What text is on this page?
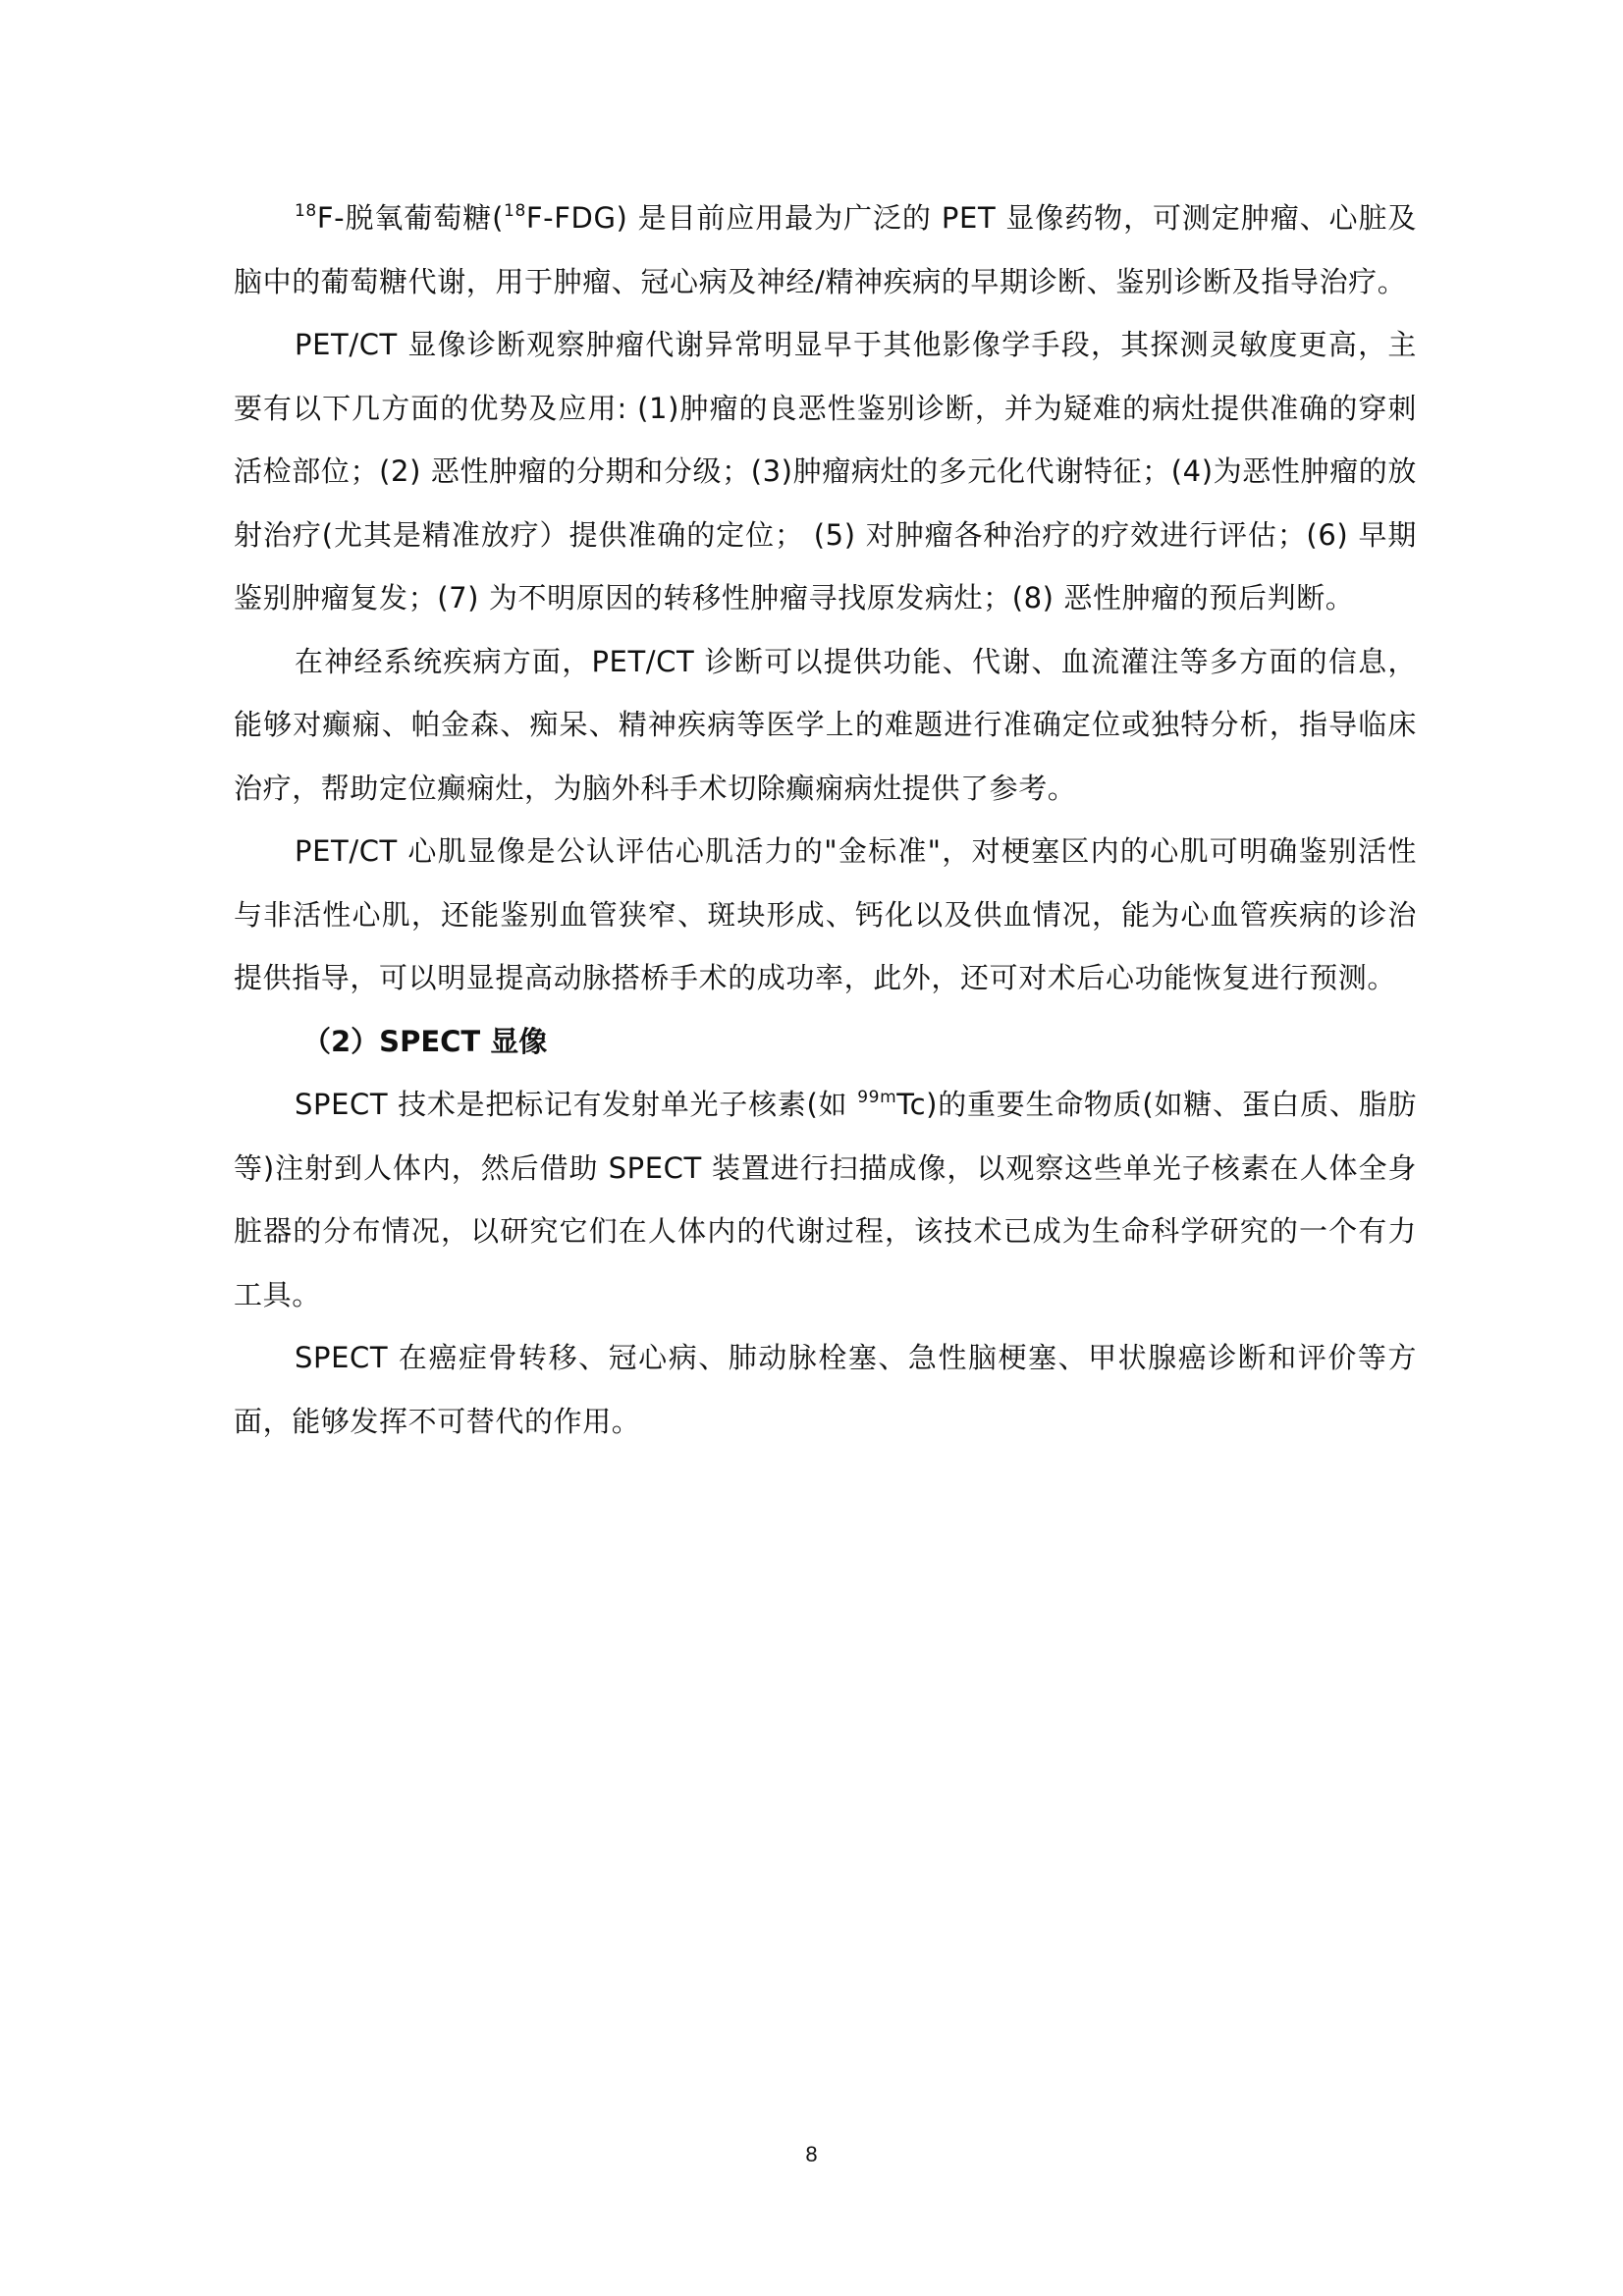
$^{18}$F-脱氧葡萄糖($^{18}$F-FDG) 是目前应用最为广泛的 PET 显像药物，可测定肿瘤、心脏及脑中的葡萄糖代谢，用于肿瘤、冠心病及神经/精神疾病的早期诊断、鉴别诊断及指导治疗。

PET/CT 显像诊断观察肿瘤代谢异常明显早于其他影像学手段，其探测灵敏度更高，主要有以下几方面的优势及应用: (1)肿瘤的良恶性鉴别诊断，并为疑难的病灶提供准确的穿刺活检部位；(2) 恶性肿瘤的分期和分级；(3)肿瘤病灶的多元化代谢特征；(4)为恶性肿瘤的放射治疗(尤其是精准放疗）提供准确的定位； (5) 对肿瘤各种治疗的疗效进行评估；(6) 早期鉴别肿瘤复发；(7) 为不明原因的转移性肿瘤寻找原发病灶；(8) 恶性肿瘤的预后判断。

在神经系统疾病方面，PET/CT 诊断可以提供功能、代谢、血流灌注等多方面的信息，能够对癫痫、帕金森、痴呆、精神疾病等医学上的难题进行准确定位或独特分析，指导临床治疗，帮助定位癫痫灶，为脑外科手术切除癫痫病灶提供了参考。

PET/CT 心肌显像是公认评估心肌活力的"金标准"，对梗塞区内的心肌可明确鉴别活性与非活性心肌，还能鉴别血管狭窄、斑块形成、钙化以及供血情况，能为心血管疾病的诊治提供指导，可以明显提高动脉搭桥手术的成功率，此外，还可对术后心功能恢复进行预测。

（2）SPECT 显像

SPECT 技术是把标记有发射单光子核素(如 $^{99m}$Tc)的重要生命物质(如糖、蛋白质、脂肪等)注射到人体内，然后借助 SPECT 装置进行扫描成像，以观察这些单光子核素在人体全身脏器的分布情况，以研究它们在人体内的代谢过程，该技术已成为生命科学研究的一个有力工具。

SPECT 在癌症骨转移、冠心病、肺动脉栓塞、急性脑梗塞、甲状腺癌诊断和评价等方面，能够发挥不可替代的作用。

8
